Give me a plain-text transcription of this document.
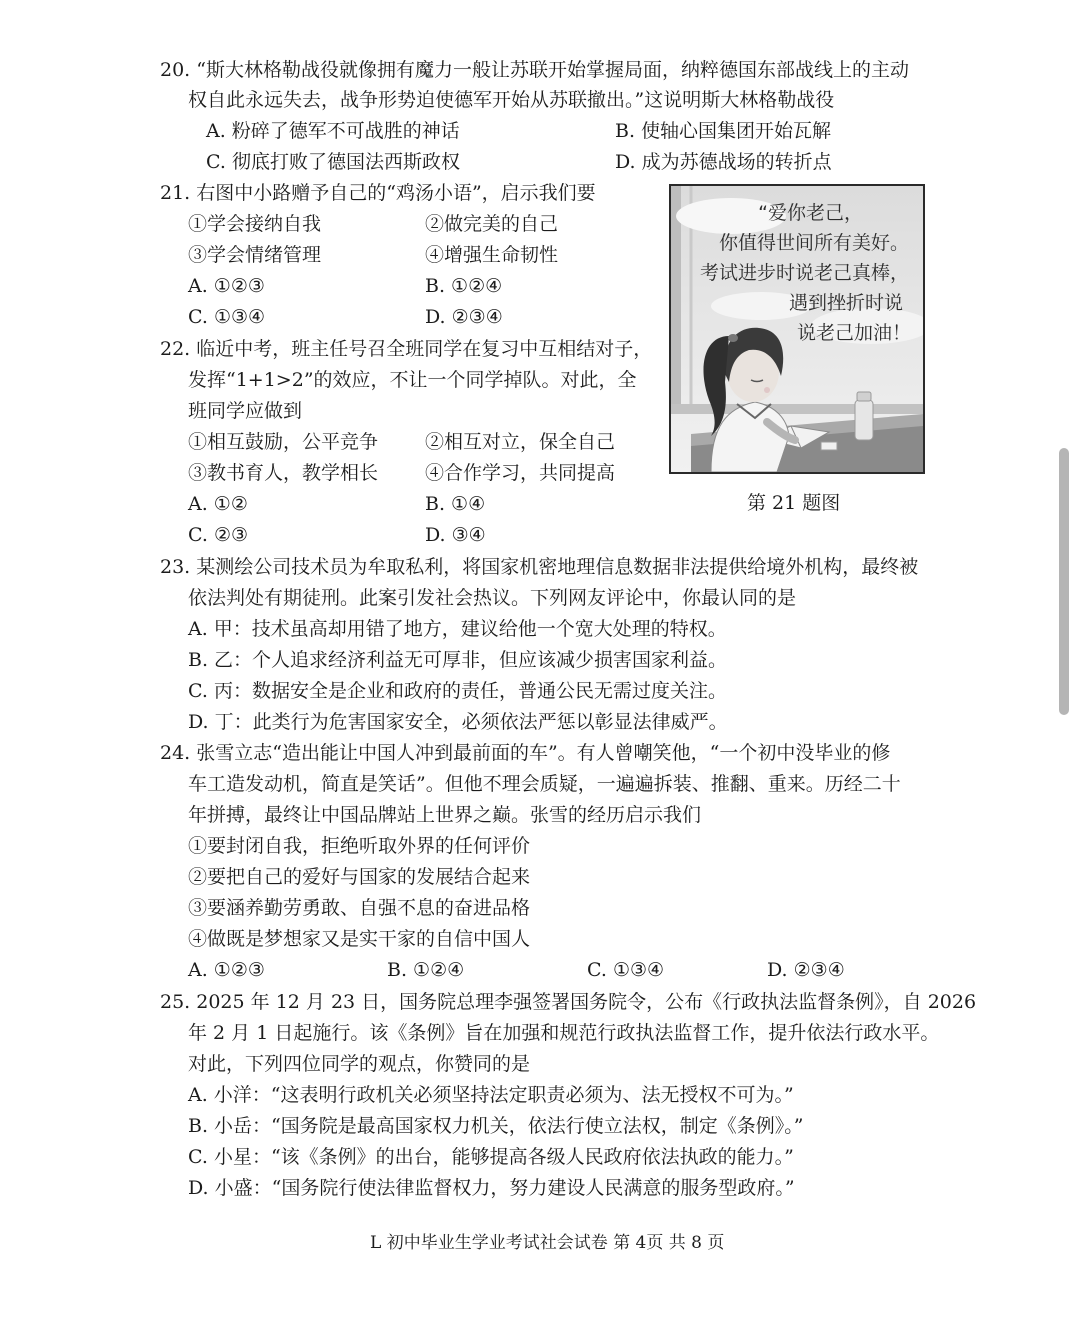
20. “斯大林格勒战役就像拥有魔力一般让苏联开始掌握局面，纳粹德国东部战线上的主动
权自此永远失去，战争形势迫使德军开始从苏联撤出。”这说明斯大林格勒战役
A. 粉碎了德军不可战胜的神话	B. 使轴心国集团开始瓦解
C. 彻底打败了德国法西斯政权	D. 成为苏德战场的转折点
21. 右图中小路赠予自己的“鸡汤小语”，启示我们要
①学会接纳自我	②做完美的自己
③学会情绪管理	④增强生命韧性
A. ①②③	B. ①②④
C. ①③④	D. ②③④
22. 临近中考，班主任号召全班同学在复习中互相结对子，
发挥“1+1>2”的效应，不让一个同学掉队。对此，全
班同学应做到
①相互鼓励，公平竞争 ②相互对立，保全自己
③教书育人，教学相长 ④合作学习，共同提高
A. ①②	B. ①④
C. ②③	D. ③④
“爱你老己，
你值得世间所有美好。
考试进步时说老己真棒，
遇到挫折时说
说老己加油！
第 21 题图
23. 某测绘公司技术员为牟取私利，将国家机密地理信息数据非法提供给境外机构，最终被
依法判处有期徒刑。此案引发社会热议。下列网友评论中，你最认同的是
A. 甲：技术虽高却用错了地方，建议给他一个宽大处理的特权。
B. 乙：个人追求经济利益无可厚非，但应该减少损害国家利益。
C. 丙：数据安全是企业和政府的责任，普通公民无需过度关注。
D. 丁：此类行为危害国家安全，必须依法严惩以彰显法律威严。
24. 张雪立志“造出能让中国人冲到最前面的车”。有人曾嘲笑他，“一个初中没毕业的修
车工造发动机，简直是笑话”。但他不理会质疑，一遍遍拆装、推翻、重来。历经二十
年拼搏，最终让中国品牌站上世界之巅。张雪的经历启示我们
①要封闭自我，拒绝听取外界的任何评价
②要把自己的爱好与国家的发展结合起来
③要涵养勤劳勇敢、自强不息的奋进品格
④做既是梦想家又是实干家的自信中国人
A. ①②③	B. ①②④	C. ①③④	D. ②③④
25. 2025 年 12 月 23 日，国务院总理李强签署国务院令，公布《行政执法监督条例》，自 2026
年 2 月 1 日起施行。该《条例》旨在加强和规范行政执法监督工作，提升依法行政水平。
对此，下列四位同学的观点，你赞同的是
A. 小洋：“这表明行政机关必须坚持法定职责必须为、法无授权不可为。”
B. 小岳：“国务院是最高国家权力机关，依法行使立法权，制定《条例》。”
C. 小星：“该《条例》的出台，能够提高各级人民政府依法执政的能力。”
D. 小盛：“国务院行使法律监督权力，努力建设人民满意的服务型政府。”
L 初中毕业生学业考试社会试卷 第 4页 共 8 页
